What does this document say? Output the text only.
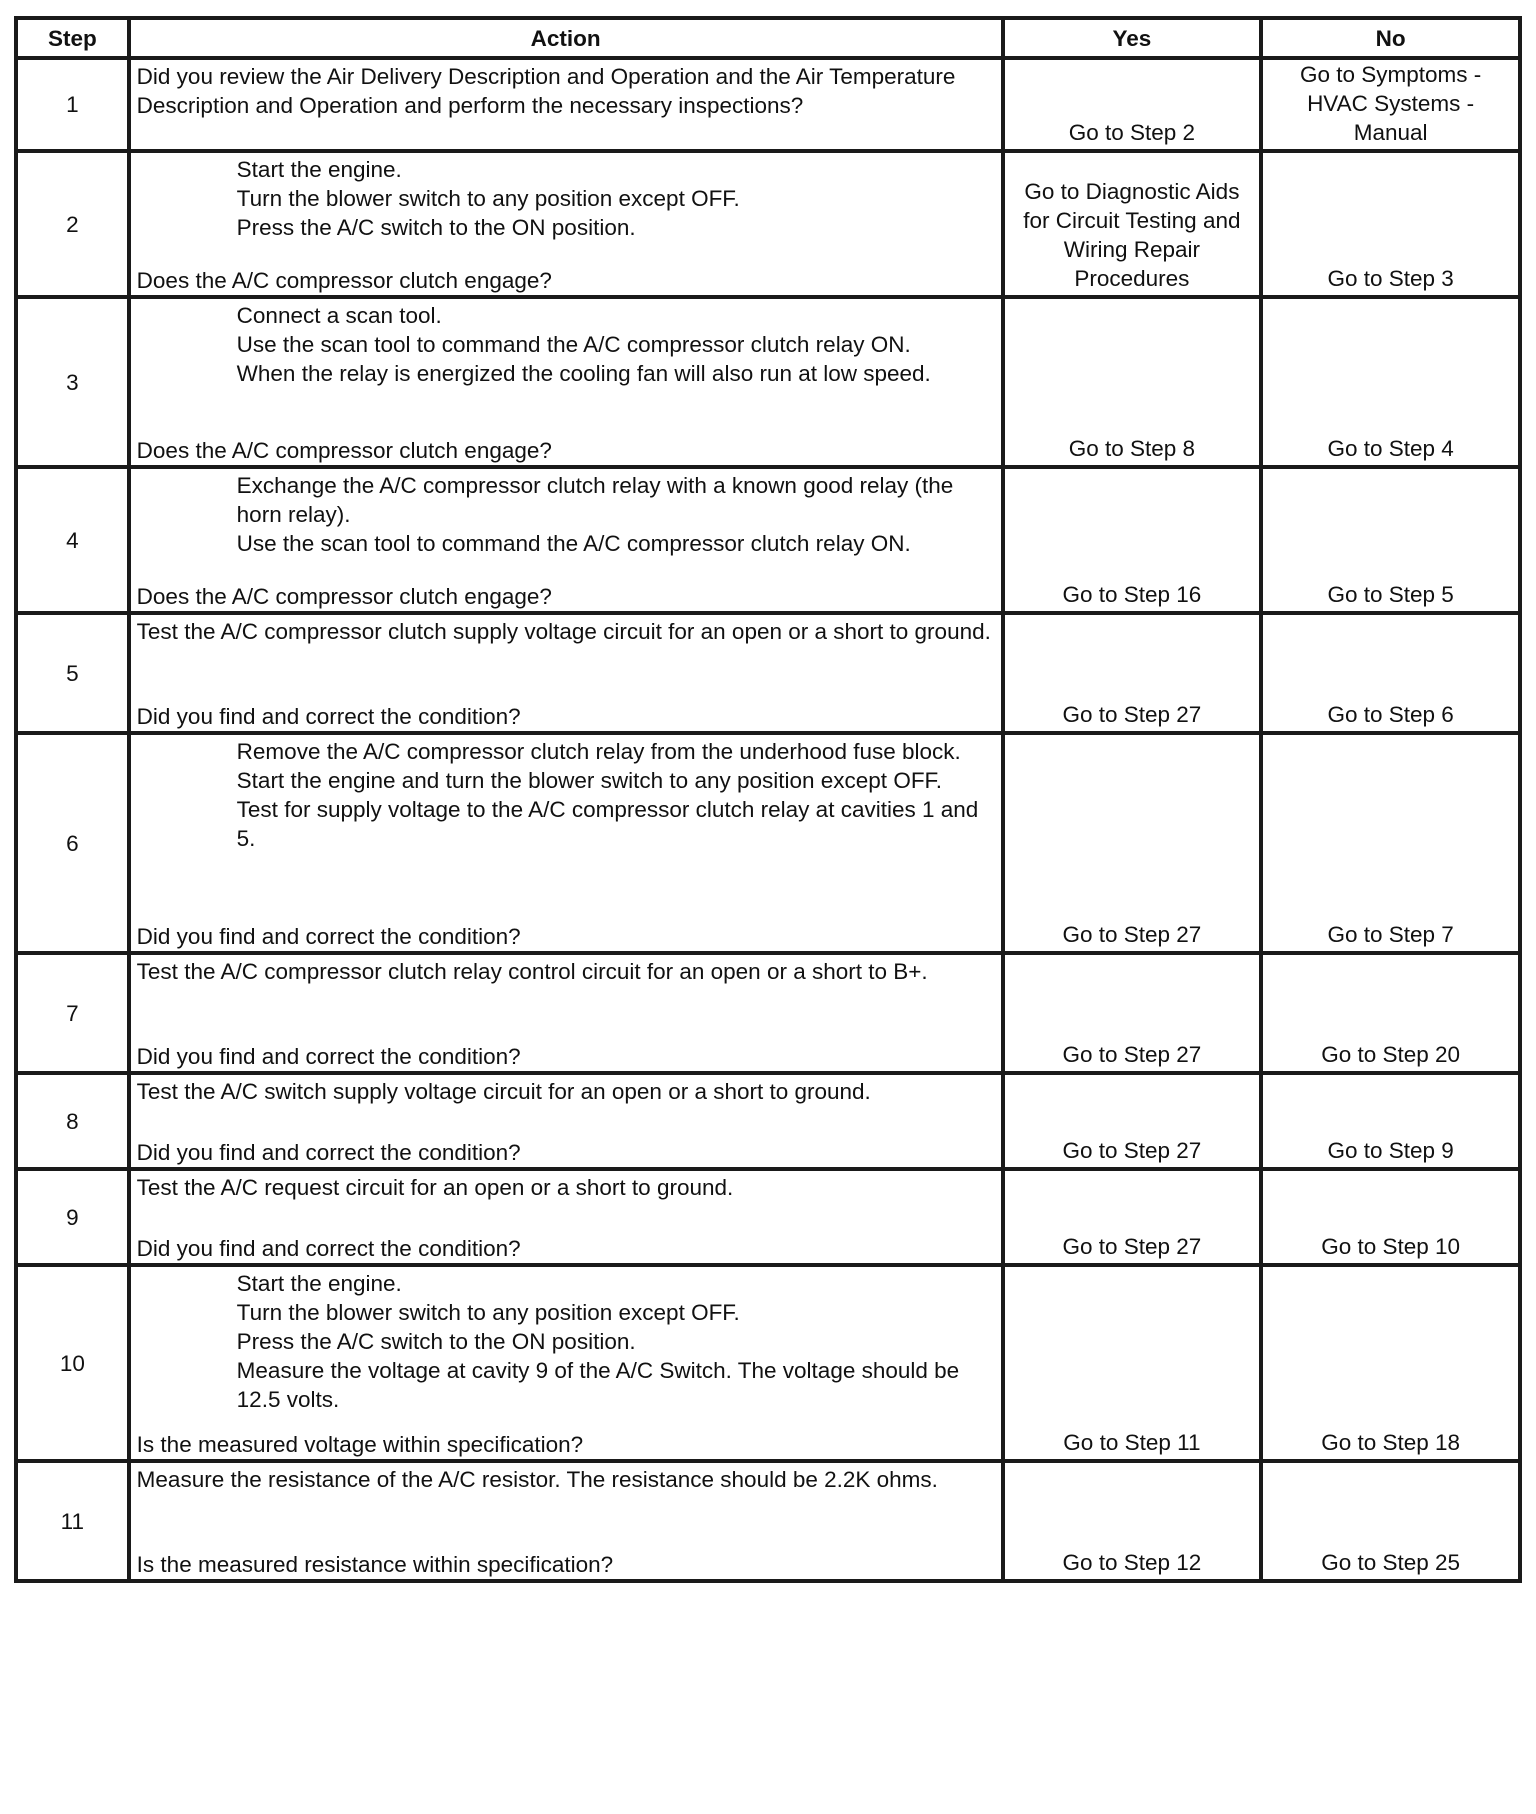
Step	Action	Yes	No
1	Did you review the Air Delivery Description and Operation and the Air Temperature Description and Operation and perform the necessary inspections?	Go to Step 2	Go to Symptoms - HVAC Systems - Manual
2	Start the engine.
Turn the blower switch to any position except OFF.
Press the A/C switch to the ON position.
Does the A/C compressor clutch engage?	Go to Diagnostic Aids for Circuit Testing and Wiring Repair Procedures	Go to Step 3
3	Connect a scan tool.
Use the scan tool to command the A/C compressor clutch relay ON.
When the relay is energized the cooling fan will also run at low speed.
Does the A/C compressor clutch engage?	Go to Step 8	Go to Step 4
4	Exchange the A/C compressor clutch relay with a known good relay (the horn relay).
Use the scan tool to command the A/C compressor clutch relay ON.
Does the A/C compressor clutch engage?	Go to Step 16	Go to Step 5
5	Test the A/C compressor clutch supply voltage circuit for an open or a short to ground.
Did you find and correct the condition?	Go to Step 27	Go to Step 6
6	Remove the A/C compressor clutch relay from the underhood fuse block.
Start the engine and turn the blower switch to any position except OFF.
Test for supply voltage to the A/C compressor clutch relay at cavities 1 and 5.
Did you find and correct the condition?	Go to Step 27	Go to Step 7
7	Test the A/C compressor clutch relay control circuit for an open or a short to B+.
Did you find and correct the condition?	Go to Step 27	Go to Step 20
8	Test the A/C switch supply voltage circuit for an open or a short to ground.
Did you find and correct the condition?	Go to Step 27	Go to Step 9
9	Test the A/C request circuit for an open or a short to ground.
Did you find and correct the condition?	Go to Step 27	Go to Step 10
10	Start the engine.
Turn the blower switch to any position except OFF.
Press the A/C switch to the ON position.
Measure the voltage at cavity 9 of the A/C Switch. The voltage should be 12.5 volts.
Is the measured voltage within specification?	Go to Step 11	Go to Step 18
11	Measure the resistance of the A/C resistor. The resistance should be 2.2K ohms.
Is the measured resistance within specification?	Go to Step 12	Go to Step 25
